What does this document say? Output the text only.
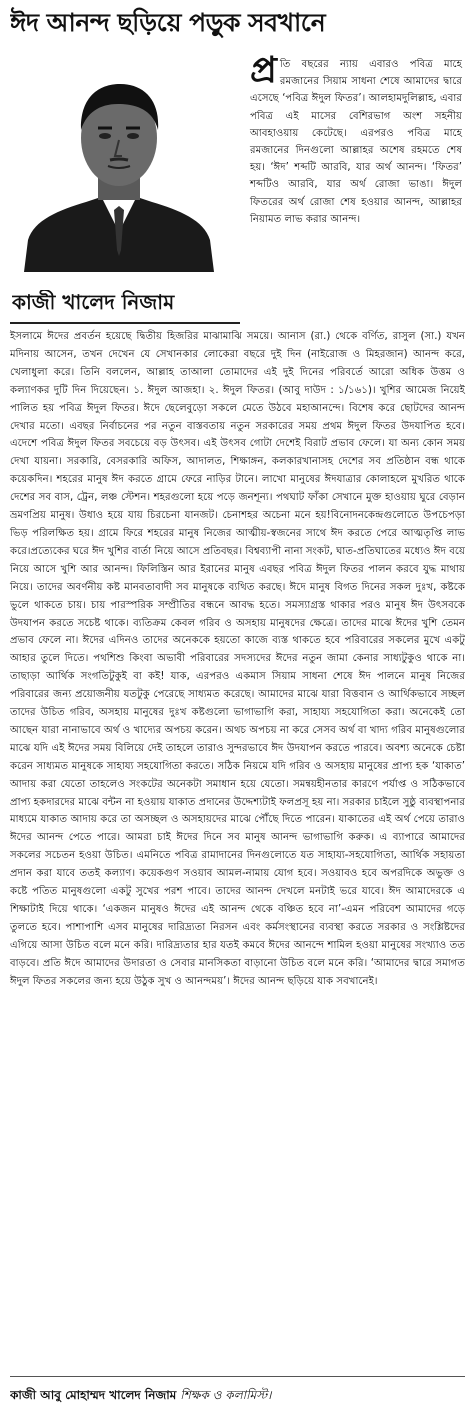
ঈদ আনন্দ ছড়িয়ে পড়ুক সবখানে
কাজী খালেদ নিজাম

প্র তি বছরের ন্যায় এবারও পবিত্র মাহে রমজানের সিয়াম সাধনা শেষে আমাদের দ্বারে এসেছে ‘পবিত্র ঈদুল ফিতর’। আলহামদুলিল্লাহ, এবার পবিত্র এই মাসের বেশিরভাগ অংশ সহনীয় আবহাওয়ায় কেটেছে। এরপরও পবিত্র মাহে রমজানের দিনগুলো আল্লাহর অশেষ রহমতে শেষ হয়। ‘ঈদ’ শব্দটি আরবি, যার অর্থ আনন্দ। ‘ফিতর’ শব্দটিও আরবি, যার অর্থ রোজা ভাঙা। ঈদুল ফিতরের অর্থ রোজা শেষ হওয়ার আনন্দ, আল্লাহর নিয়ামত লাভ করার আনন্দ।

ইসলামে ঈদের প্রবর্তন হয়েছে দ্বিতীয় হিজরির মাঝামাঝি সময়ে। আনাস (রা.) থেকে বর্ণিত, রাসুল (সা.) যখন মদিনায় আসেন, তখন দেখেন যে সেখানকার লোকেরা বছরে দুই দিন (নাইরোজ ও মিহরজান) আনন্দ করে, খেলাধুলা করে। তিনি বললেন, আল্লাহ তাআলা তোমাদের এই দুই দিনের পরিবর্তে আরো অধিক উত্তম ও কল্যাণকর দুটি দিন দিয়েছেন। ১. ঈদুল আজহা। ২. ঈদুল ফিতর। (আবু দাউদ : ১/১৬১)। খুশির আমেজ নিয়েই পালিত হয় পবিত্র ঈদুল ফিতর। ঈদে ছেলেবুড়ো সকলে মেতে উঠবে মহাআনন্দে। বিশেষ করে ছোটদের আনন্দ দেখার মতো। এবছর নির্বাচনের পর নতুন বাস্তবতায় নতুন সরকারের সময় প্রথম ঈদুল ফিতর উদযাপিত হবে। এদেশে পবিত্র ঈদুল ফিতর সবচেয়ে বড় উৎসব। এই উৎসব গোটা দেশেই বিরাট প্রভাব ফেলে। যা অন্য কোন সময় দেখা যায়না। সরকারি, বেসরকারি অফিস, আদালত, শিক্ষাঙ্গন, কলকারখানাসহ দেশের সব প্রতিষ্ঠান বন্ধ থাকে কয়েকদিন। শহরের মানুষ ঈদ করতে গ্রামে ফেরে নাড়ির টানে। লাখো মানুষের ঈদযাত্রার কোলাহলে মুখরিত থাকে দেশের সব বাস, ট্রেন, লঞ্চ স্টেশন। শহরগুলো হয়ে পড়ে জনশূন্য। পথঘাট ফাঁকা সেখানে মুক্ত হাওয়ায় ঘুরে বেড়ান ভ্রমণপ্রিয় মানুষ। উধাও হয়ে যায় চিরচেনা যানজট। চেনাশহর অচেনা মনে হয়!বিনোদনকেন্দ্রগুলোতে উপচেপড়া ভিড় পরিলক্ষিত হয়। গ্রামে ফিরে শহরের মানুষ নিজের আত্মীয়-স্বজনের সাথে ঈদ করতে পেরে আত্মতৃপ্তি লাভ করে।প্রত্যেকের ঘরে ঈদ খুশির বার্তা নিয়ে আসে প্রতিবছর। বিশ্বব্যাপী নানা সংকট, ঘাত-প্রতিঘাতের মধ্যেও ঈদ বয়ে নিয়ে আসে খুশি আর আনন্দ। ফিলিস্তিন আর ইরানের মানুষ এবছর পবিত্র ঈদুল ফিতর পালন করবে যুদ্ধ মাথায় নিয়ে। তাদের অবর্ণনীয় কষ্ট মানবতাবাদী সব মানুষকে ব্যথিত করছে। ঈদে মানুষ বিগত দিনের সকল দুঃখ, কষ্টকে ভুলে থাকতে চায়। চায় পারস্পরিক সম্প্রীতির বন্ধনে আবদ্ধ হতে। সমস্যাগ্রস্ত থাকার পরও মানুষ ঈদ উৎসবকে উদযাপন করতে সচেষ্ট থাকে। ব্যতিক্রম কেবল গরিব ও অসহায় মানুষদের ক্ষেত্রে। তাদের মাঝে ঈদের খুশি তেমন প্রভাব ফেলে না। ঈদের এদিনও তাদের অনেককে হয়তো কাজে ব্যস্ত থাকতে হবে পরিবারের সকলের মুখে একটু আহার তুলে দিতে। পথশিশু কিংবা অভাবী পরিবারের সদস্যদের ঈদের নতুন জামা কেনার সাধ্যটুকুও থাকে না। তাছাড়া আর্থিক সংগতিটুকুই বা কই! যাক, এরপরও একমাস সিয়াম সাধনা শেষে ঈদ পালনে মানুষ নিজের পরিবারের জন্য প্রয়োজনীয় যতটুকু পেরেছে সাধ্যমত করেছে। আমাদের মাঝে যারা বিত্তবান ও আর্থিকভাবে সচ্ছল তাদের উচিত গরিব, অসহায় মানুষের দুঃখ কষ্টগুলো ভাগাভাগি করা, সাহায্য সহযোগিতা করা। অনেকেই তো আছেন যারা নানাভাবে অর্থ ও খাদ্যের অপচয় করেন। অথচ অপচয় না করে সেসব অর্থ বা খাদ্য গরিব মানুষগুলোর মাঝে যদি এই ঈদের সময় বিলিয়ে দেই তাহলে তারাও সুন্দরভাবে ঈদ উদযাপন করতে পারবে। অবশ্য অনেকে চেষ্টা করেন সাধ্যমত মানুষকে সাহায্য সহযোগিতা করতে। সঠিক নিয়মে যদি গরিব ও অসহায় মানুষের প্রাপ্য হক ‘যাকাত’ আদায় করা যেতো তাহলেও সংকটের অনেকটা সমাধান হয়ে যেতো। সমন্বয়হীনতার কারণে পর্যাপ্ত ও সঠিকভাবে প্রাপ্য হকদারদের মাঝে বন্টন না হওয়ায় যাকাত প্রদানের উদ্দেশ্যটাই ফলপ্রসূ হয় না। সরকার চাইলে সুষ্ঠু ব্যবস্থাপনার মাধ্যমে যাকাত আদায় করে তা অসচ্ছল ও অসহায়দের মাঝে পৌঁছে দিতে পারেন। যাকাতের এই অর্থ পেয়ে তারাও ঈদের আনন্দ পেতে পারে। আমরা চাই ঈদের দিনে সব মানুষ আনন্দ ভাগাভাগি করুক। এ ব্যাপারে আমাদের সকলের সচেতন হওয়া উচিত। এমনিতে পবিত্র রামাদানের দিনগুলোতে যত সাহায্য-সহযোগিতা, আর্থিক সহায়তা প্রদান করা যাবে ততই কল্যাণ। কয়েকগুণ সওয়াব আমল-নামায় যোগ হবে। সওয়াবও হবে অপরদিকে অভুক্ত ও কষ্টে পতিত মানুষগুলো একটু সুখের পরশ পাবে। তাদের আনন্দ দেখলে মনটাই ভরে যাবে। ঈদ আমাদেরকে এ শিক্ষাটাই দিয়ে থাকে। ‘একজন মানুষও ঈদের এই আনন্দ থেকে বঞ্চিত হবে না’-এমন পরিবেশ আমাদের গড়ে তুলতে হবে। পাশাপাশি এসব মানুষের দারিদ্র্যতা নিরসন এবং কর্মসংস্থানের ব্যবস্থা করতে সরকার ও সংশ্লিষ্টদের এগিয়ে আসা উচিত বলে মনে করি। দারিদ্র্যতার হার যতই কমবে ঈদের আনন্দে শামিল হওয়া মানুষের সংখ্যাও তত বাড়বে। প্রতি ঈদে আমাদের উদারতা ও সেবার মানসিকতা বাড়ানো উচিত বলে মনে করি। ‘আমাদের দ্বারে সমাগত ঈদুল ফিতর সকলের জন্য হয়ে উঠুক সুখ ও আনন্দময়’। ঈদের আনন্দ ছড়িয়ে যাক সবখানেই।

কাজী আবু মোহাম্মদ খালেদ নিজাম শিক্ষক ও কলামিস্ট।
